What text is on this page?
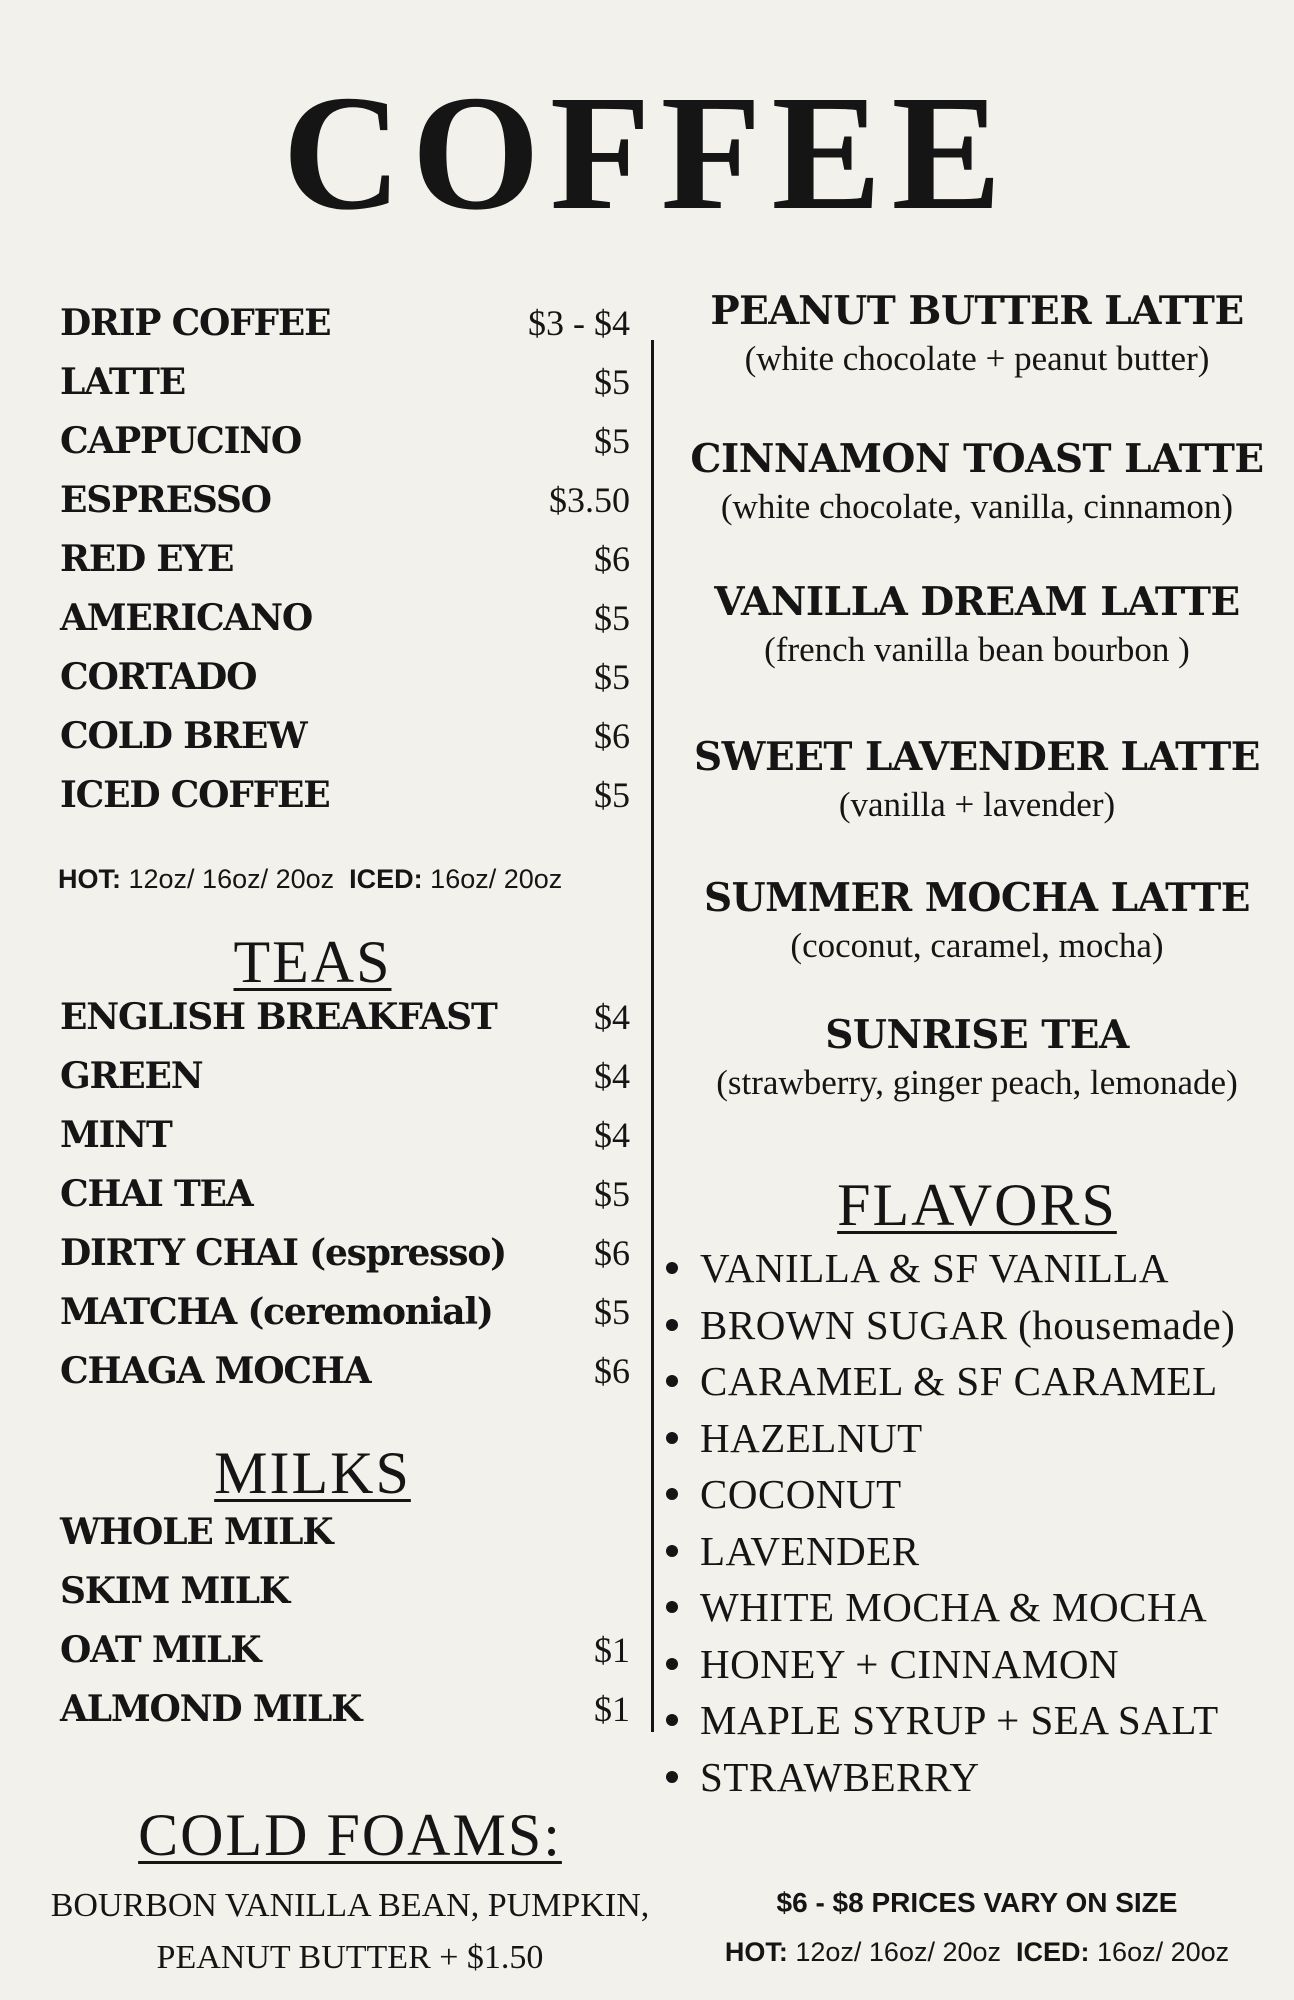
COFFEE
DRIP COFFEE	$3 - $4
LATTE	$5
CAPPUCINO	$5
ESPRESSO	$3.50
RED EYE	$6
AMERICANO	$5
CORTADO	$5
COLD BREW	$6
ICED COFFEE	$5
HOT: 12oz/ 16oz/ 20oz ICED: 16oz/ 20oz
TEAS
ENGLISH BREAKFAST	$4
GREEN	$4
MINT	$4
CHAI TEA	$5
DIRTY CHAI (espresso) $6
MATCHA (ceremonial)	$5
CHAGA MOCHA	$6
MILKS
WHOLE MILK
SKIM MILK
OAT MILK	$1
ALMOND MILK	$1
PEANUT BUTTER LATTE
(white chocolate + peanut butter)
CINNAMON TOAST LATTE
(white chocolate, vanilla, cinnamon)
VANILLA DREAM LATTE
(french vanilla bean bourbon )
SWEET LAVENDER LATTE
(vanilla + lavender)
SUMMER MOCHA LATTE
(coconut, caramel, mocha)
SUNRISE TEA
(strawberry, ginger peach, lemonade)
FLAVORS
VANILLA & SF VANILLA
BROWN SUGAR (housemade)
CARAMEL & SF CARAMEL
HAZELNUT
COCONUT
LAVENDER
WHITE MOCHA & MOCHA
HONEY + CINNAMON
MAPLE SYRUP + SEA SALT
STRAWBERRY
COLD FOAMS:
BOURBON VANILLA BEAN, PUMPKIN,
PEANUT BUTTER + $1.50
$6 - $8 PRICES VARY ON SIZE
HOT: 12oz/ 16oz/ 20oz ICED: 16oz/ 20oz
